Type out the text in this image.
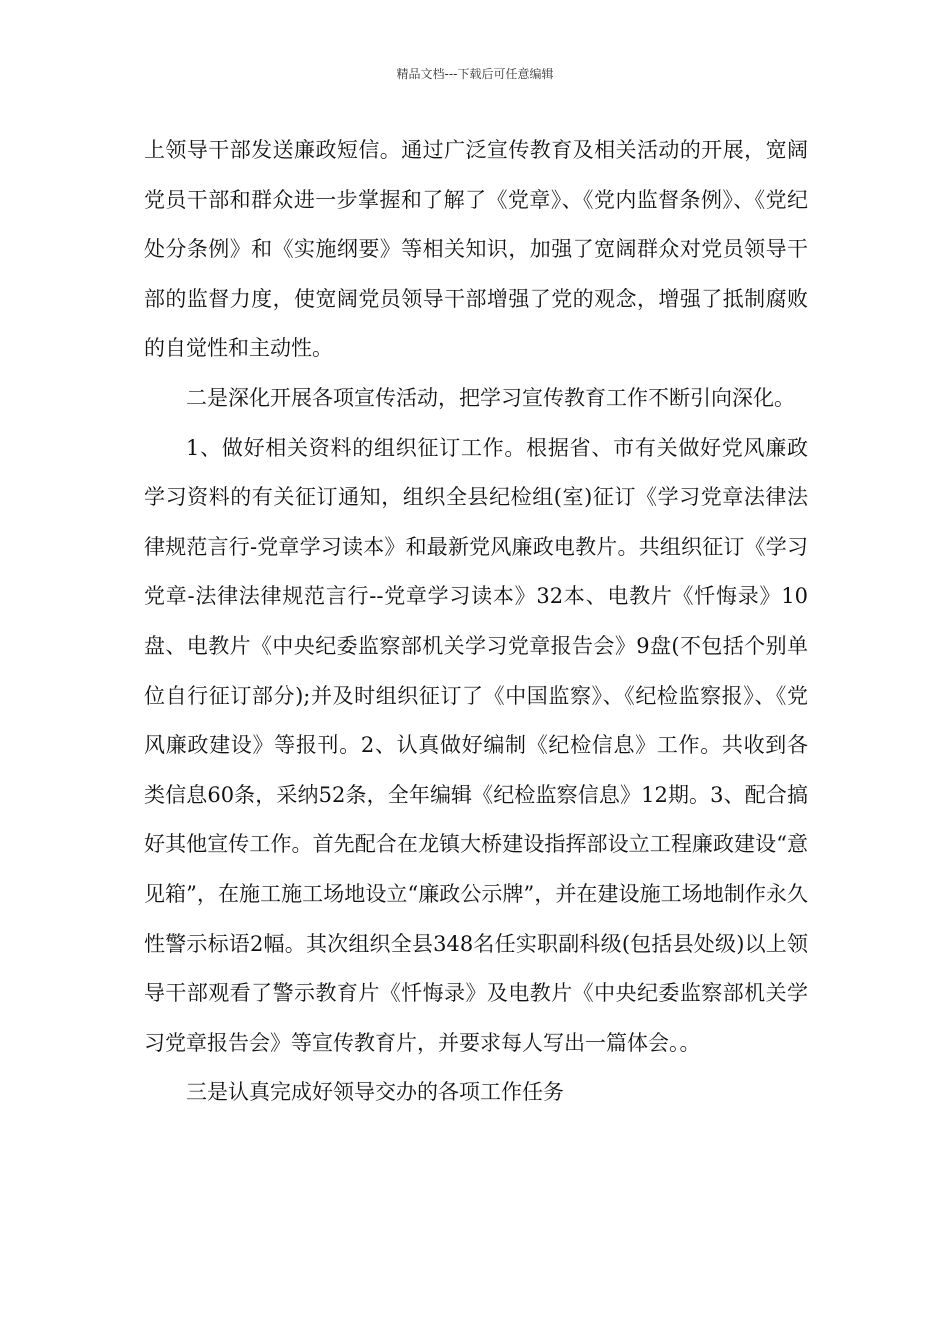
精品文档---下载后可任意编辑

上领导干部发送廉政短信。通过广泛宣传教育及相关活动的开展，宽阔党员干部和群众进一步掌握和了解了《党章》、《党内监督条例》、《党纪处分条例》和《实施纲要》等相关知识，加强了宽阔群众对党员领导干部的监督力度，使宽阔党员领导干部增强了党的观念，增强了抵制腐败的自觉性和主动性。

二是深化开展各项宣传活动，把学习宣传教育工作不断引向深化。

1、做好相关资料的组织征订工作。根据省、市有关做好党风廉政学习资料的有关征订通知，组织全县纪检组(室)征订《学习党章法律法律规范言行-党章学习读本》和最新党风廉政电教片。共组织征订《学习党章-法律法律规范言行--党章学习读本》32本、电教片《忏悔录》10盘、电教片《中央纪委监察部机关学习党章报告会》9盘(不包括个别单位自行征订部分);并及时组织征订了《中国监察》、《纪检监察报》、《党风廉政建设》等报刊。2、认真做好编制《纪检信息》工作。共收到各类信息60条，采纳52条，全年编辑《纪检监察信息》12期。3、配合搞好其他宣传工作。首先配合在龙镇大桥建设指挥部设立工程廉政建设“意见箱”，在施工施工场地设立“廉政公示牌”，并在建设施工场地制作永久性警示标语2幅。其次组织全县348名任实职副科级(包括县处级)以上领导干部观看了警示教育片《忏悔录》及电教片《中央纪委监察部机关学习党章报告会》等宣传教育片，并要求每人写出一篇体会。。

三是认真完成好领导交办的各项工作任务
